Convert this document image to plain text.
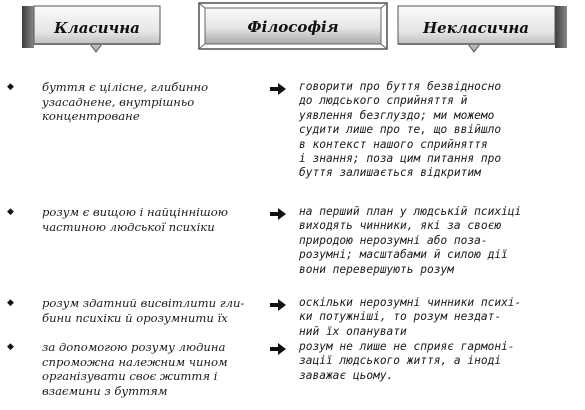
Класична	Філософія	Некласична
◆ буття є цілісне, глибинно
узасаднене, внутрішньо
концентроване
говорити про буття безвідносно
до людського сприйняття й
уявлення безглуздо; ми можемо
судити лише про те, що ввійшло
в контекст нашого сприйняття
і знання; поза цим питання про
буття залишається відкритим
◆ розум є вищою і найціннішою
частиною людської психіки
на перший план у людській психіці
виходять чинники, які за своєю
природою нерозумні або поза-
розумні; масштабами й силою дії
вони перевершують розум
◆ розум здатний висвітлити гли-
бини психіки й орозумнити їх
оскільки нерозумні чинники психі-
ки потужніші, то розум нездат-
ний їх опанувати
◆ за допомогою розуму людина
спроможна належним чином
організувати своє життя і
взаємини з буттям
розум не лише не сприяє гармоні-
зації людського життя, а іноді
заважає цьому.
